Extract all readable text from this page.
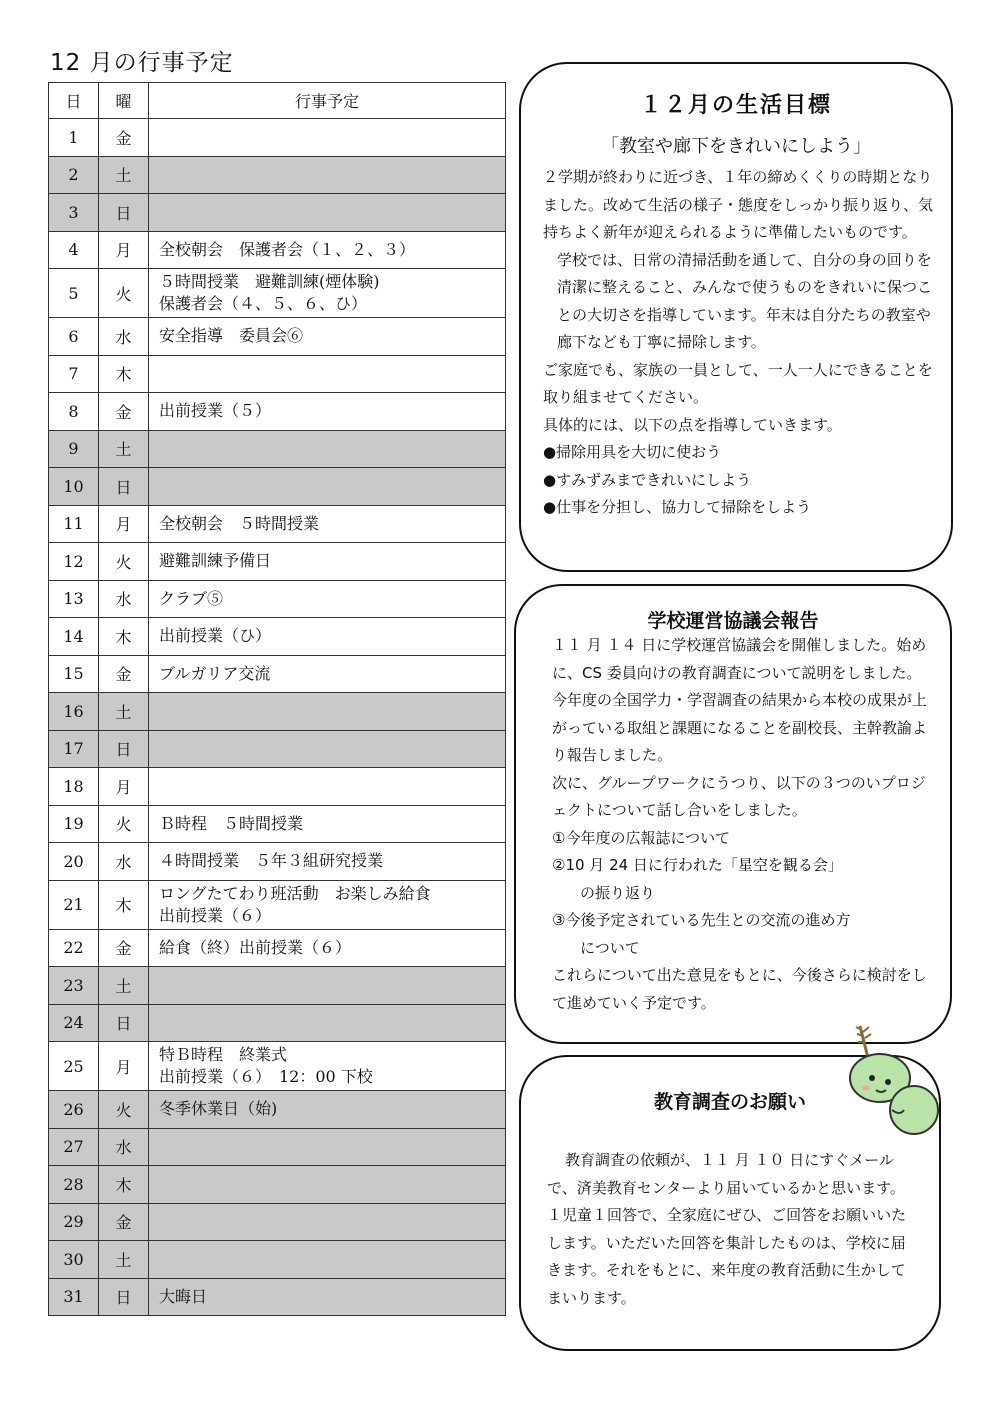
12 月の行事予定
日	曜	行事予定
1	金	

2	土	

3	日	

4	月	全校朝会　保護者会（１、２、３）

5	火	５時間授業　避難訓練(煙体験)
保護者会（４、５、６、ひ）

6	水	安全指導　委員会⑥

7	木	

8	金	出前授業（５）

9	土	

10	日	

11	月	全校朝会　５時間授業

12	火	避難訓練予備日

13	水	クラブ⑤

14	木	出前授業（ひ）

15	金	ブルガリア交流

16	土	

17	日	

18	月	

19	火	Ｂ時程　５時間授業

20	水	４時間授業　５年３組研究授業

21	木	ロングたてわり班活動　お楽しみ給食
出前授業（６）

22	金	給食（終）出前授業（６）

23	土	

24	日	

25	月	特Ｂ時程　終業式
出前授業（６）　12：00 下校

26	火	冬季休業日（始)

27	水	

28	木	

29	金	

30	土	

31	日	大晦日
１２月の生活目標
「教室や廊下をきれいにしよう」

２学期が終わりに近づき、１年の締めくくりの時期となりました。改めて生活の様子・態度をしっかり振り返り、気持ちよく新年が迎えられるように準備したいものです。

学校では、日常の清掃活動を通して、自分の身の回りを清潔に整えること、みんなで使うものをきれいに保つことの大切さを指導しています。年末は自分たちの教室や廊下なども丁寧に掃除します。

ご家庭でも、家族の一員として、一人一人にできることを取り組ませてください。

具体的には、以下の点を指導していきます。

●掃除用具を大切に使おう

●すみずみまできれいにしよう

●仕事を分担し、協力して掃除をしよう

学校運営協議会報告

１１ 月 １４ 日に学校運営協議会を開催しました。始めに、CS 委員向けの教育調査について説明をしました。今年度の全国学力・学習調査の結果から本校の成果が上がっている取組と課題になることを副校長、主幹教諭より報告しました。

次に、グループワークにうつり、以下の３つのいプロジェクトについて話し合いをしました。

①今年度の広報誌について

②10 月 24 日に行われた「星空を観る会」

の振り返り

③今後予定されている先生との交流の進め方

について

これらについて出た意見をもとに、今後さらに検討をして進めていく予定です。

教育調査のお願い

教育調査の依頼が、１１ 月 １０ 日にすぐメールで、済美教育センターより届いているかと思います。１児童１回答で、全家庭にぜひ、ご回答をお願いいたします。いただいた回答を集計したものは、学校に届きます。それをもとに、来年度の教育活動に生かしてまいります。
